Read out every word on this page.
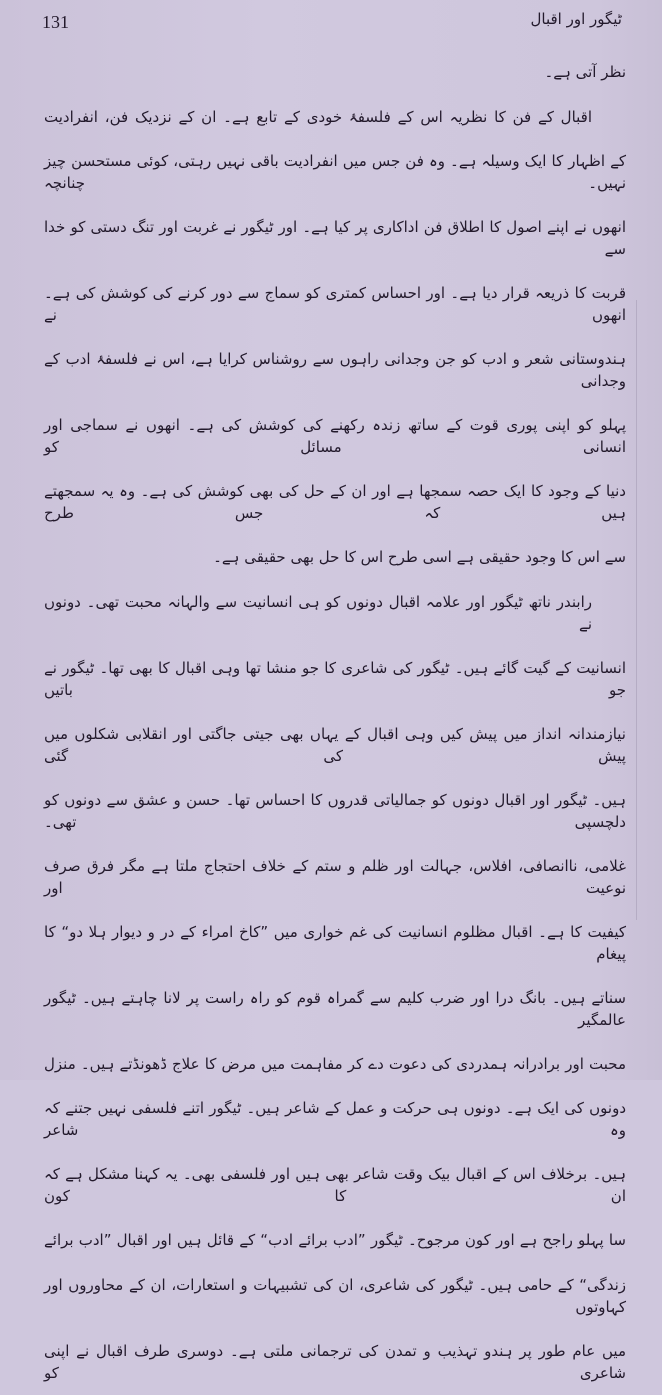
131	ٹیگور اور اقبال
نظر آتی ہے۔
اقبال کے فن کا نظریہ اس کے فلسفۂ خودی کے تابع ہے۔ ان کے نزدیک فن، انفرادیت
کے اظہار کا ایک وسیلہ ہے۔ وہ فن جس میں انفرادیت باقی نہیں رہتی، کوئی مستحسن چیز نہیں۔ چنانچہ
انھوں نے اپنے اصول کا اطلاق فن اداکاری پر کیا ہے۔ اور ٹیگور نے غربت اور تنگ دستی کو خدا سے
قربت کا ذریعہ قرار دیا ہے۔ اور احساس کمتری کو سماج سے دور کرنے کی کوشش کی ہے۔ انھوں نے
ہندوستانی شعر و ادب کو جن وجدانی راہوں سے روشناس کرایا ہے، اس نے فلسفۂ ادب کے وجدانی
پہلو کو اپنی پوری قوت کے ساتھ زندہ رکھنے کی کوشش کی ہے۔ انھوں نے سماجی اور انسانی مسائل کو
دنیا کے وجود کا ایک حصہ سمجھا ہے اور ان کے حل کی بھی کوشش کی ہے۔ وہ یہ سمجھتے ہیں کہ جس طرح
سے اس کا وجود حقیقی ہے اسی طرح اس کا حل بھی حقیقی ہے۔
رابندر ناتھ ٹیگور اور علامہ اقبال دونوں کو ہی انسانیت سے والہانہ محبت تھی۔ دونوں نے
انسانیت کے گیت گائے ہیں۔ ٹیگور کی شاعری کا جو منشا تھا وہی اقبال کا بھی تھا۔ ٹیگور نے جو باتیں
نیازمندانہ انداز میں پیش کیں وہی اقبال کے یہاں بھی جیتی جاگتی اور انقلابی شکلوں میں پیش کی گئی
ہیں۔ ٹیگور اور اقبال دونوں کو جمالیاتی قدروں کا احساس تھا۔ حسن و عشق سے دونوں کو دلچسپی تھی۔
غلامی، ناانصافی، افلاس، جہالت اور ظلم و ستم کے خلاف احتجاج ملتا ہے مگر فرق صرف نوعیت اور
کیفیت کا ہے۔ اقبال مظلوم انسانیت کی غم خواری میں ”کاخ امراء کے در و دیوار ہلا دو“ کا پیغام
سناتے ہیں۔ بانگ درا اور ضرب کلیم سے گمراہ قوم کو راہ راست پر لانا چاہتے ہیں۔ ٹیگور عالمگیر
محبت اور برادرانہ ہمدردی کی دعوت دے کر مفاہمت میں مرض کا علاج ڈھونڈتے ہیں۔ منزل
دونوں کی ایک ہے۔ دونوں ہی حرکت و عمل کے شاعر ہیں۔ ٹیگور اتنے فلسفی نہیں جتنے کہ وہ شاعر
ہیں۔ برخلاف اس کے اقبال بیک وقت شاعر بھی ہیں اور فلسفی بھی۔ یہ کہنا مشکل ہے کہ ان کا کون
سا پہلو راجح ہے اور کون مرجوح۔ ٹیگور ”ادب برائے ادب“ کے قائل ہیں اور اقبال ”ادب برائے
زندگی“ کے حامی ہیں۔ ٹیگور کی شاعری، ان کی تشبیہات و استعارات، ان کے محاوروں اور کہاوتوں
میں عام طور پر ہندو تہذیب و تمدن کی ترجمانی ملتی ہے۔ دوسری طرف اقبال نے اپنی شاعری کو
